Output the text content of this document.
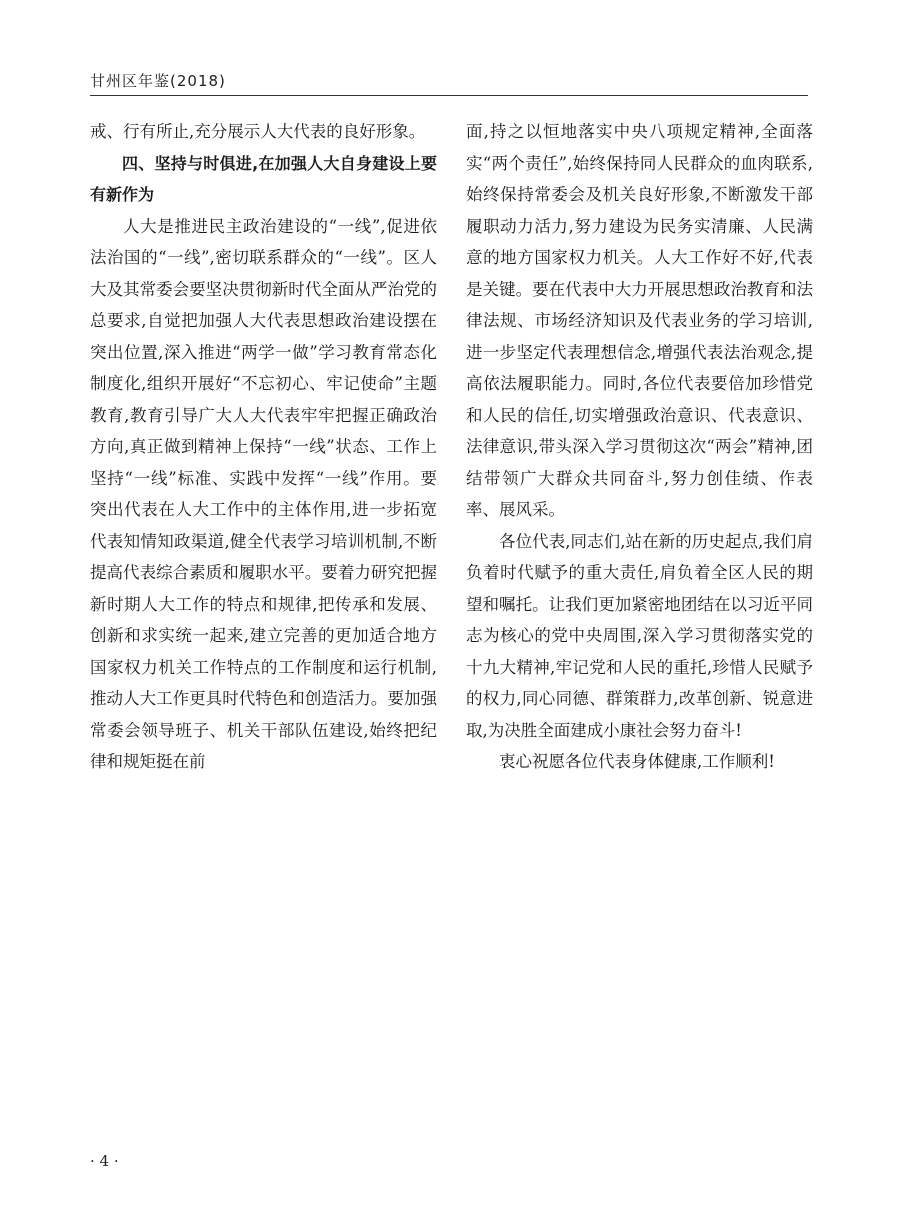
甘州区年鉴(2018)

戒、行有所止,充分展示人大代表的良好形象。

四、坚持与时俱进,在加强人大自身建设上要有新作为

人大是推进民主政治建设的“一线”,促进依法治国的“一线”,密切联系群众的“一线”。区人大及其常委会要坚决贯彻新时代全面从严治党的总要求,自觉把加强人大代表思想政治建设摆在突出位置,深入推进“两学一做”学习教育常态化制度化,组织开展好“不忘初心、牢记使命”主题教育,教育引导广大人大代表牢牢把握正确政治方向,真正做到精神上保持“一线”状态、工作上坚持“一线”标准、实践中发挥“一线”作用。要突出代表在人大工作中的主体作用,进一步拓宽代表知情知政渠道,健全代表学习培训机制,不断提高代表综合素质和履职水平。要着力研究把握新时期人大工作的特点和规律,把传承和发展、创新和求实统一起来,建立完善的更加适合地方国家权力机关工作特点的工作制度和运行机制,推动人大工作更具时代特色和创造活力。要加强常委会领导班子、机关干部队伍建设,始终把纪律和规矩挺在前

面,持之以恒地落实中央八项规定精神,全面落实“两个责任”,始终保持同人民群众的血肉联系,始终保持常委会及机关良好形象,不断激发干部履职动力活力,努力建设为民务实清廉、人民满意的地方国家权力机关。人大工作好不好,代表是关键。要在代表中大力开展思想政治教育和法律法规、市场经济知识及代表业务的学习培训,进一步坚定代表理想信念,增强代表法治观念,提高依法履职能力。同时,各位代表要倍加珍惜党和人民的信任,切实增强政治意识、代表意识、法律意识,带头深入学习贯彻这次“两会”精神,团结带领广大群众共同奋斗,努力创佳绩、作表率、展风采。

各位代表,同志们,站在新的历史起点,我们肩负着时代赋予的重大责任,肩负着全区人民的期望和嘱托。让我们更加紧密地团结在以习近平同志为核心的党中央周围,深入学习贯彻落实党的十九大精神,牢记党和人民的重托,珍惜人民赋予的权力,同心同德、群策群力,改革创新、锐意进取,为决胜全面建成小康社会努力奋斗!

衷心祝愿各位代表身体健康,工作顺利!

· 4 ·
